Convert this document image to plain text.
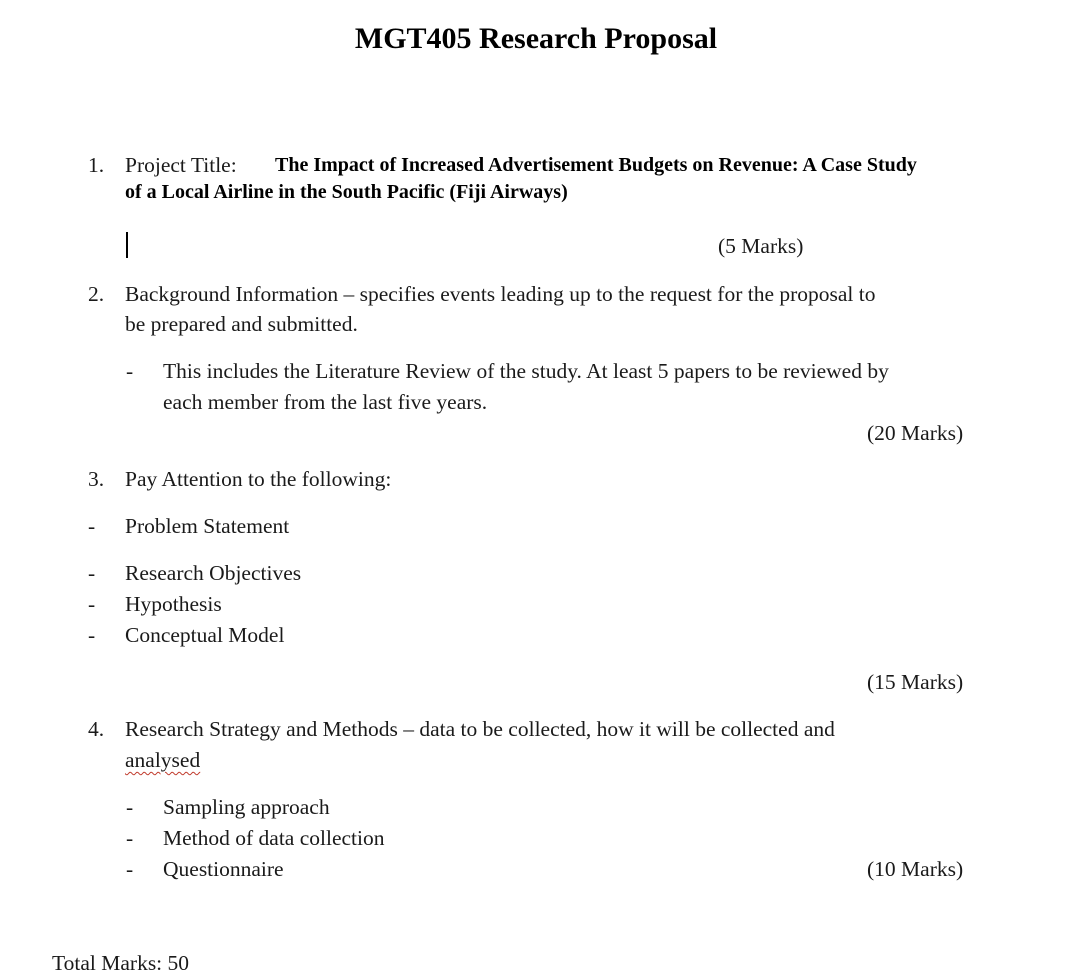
MGT405 Research Proposal
1. Project Title: The Impact of Increased Advertisement Budgets on Revenue: A Case Study
of a Local Airline in the South Pacific (Fiji Airways)
(5 Marks)
2. Background Information – specifies events leading up to the request for the proposal to
be prepared and submitted.
- This includes the Literature Review of the study. At least 5 papers to be reviewed by
each member from the last five years.
(20 Marks)
3. Pay Attention to the following:
- Problem Statement
- Research Objectives
- Hypothesis
- Conceptual Model
(15 Marks)
4. Research Strategy and Methods – data to be collected, how it will be collected and
analysed
- Sampling approach
- Method of data collection
- Questionnaire	(10 Marks)
Total Marks: 50
